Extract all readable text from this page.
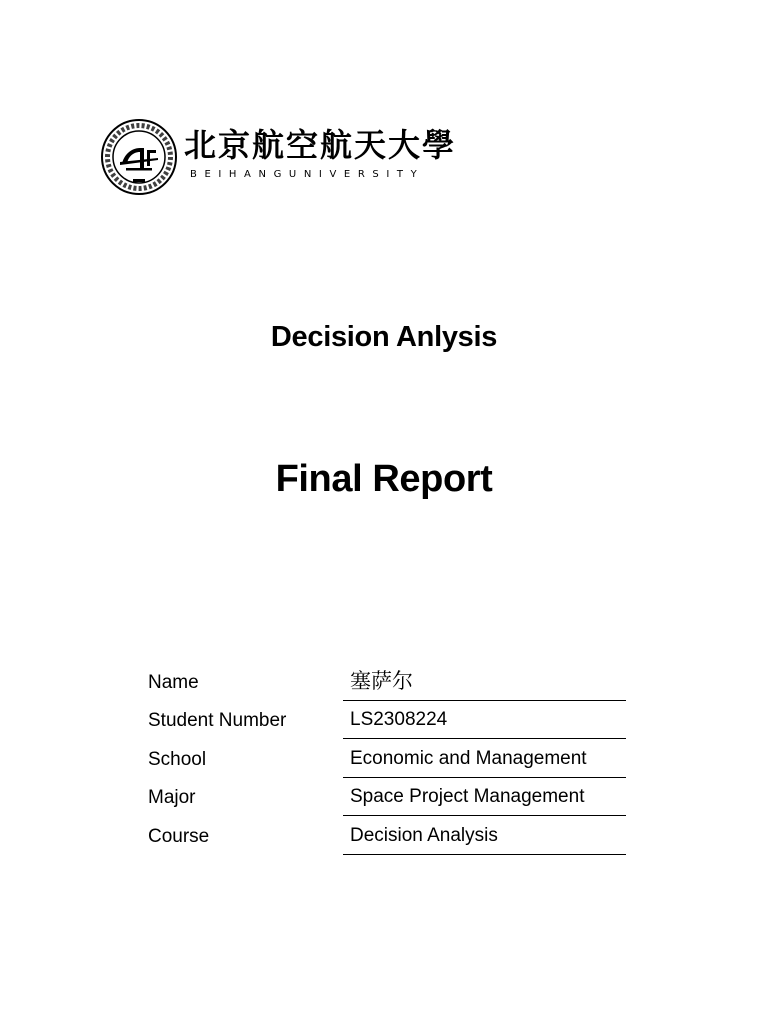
北京航空航天大學
BEIHANGUNIVERSITY
Decision Anlysis
Final Report
Name	塞萨尔
Student Number	LS2308224
School	Economic and Management
Major	Space Project Management
Course	Decision Analysis
